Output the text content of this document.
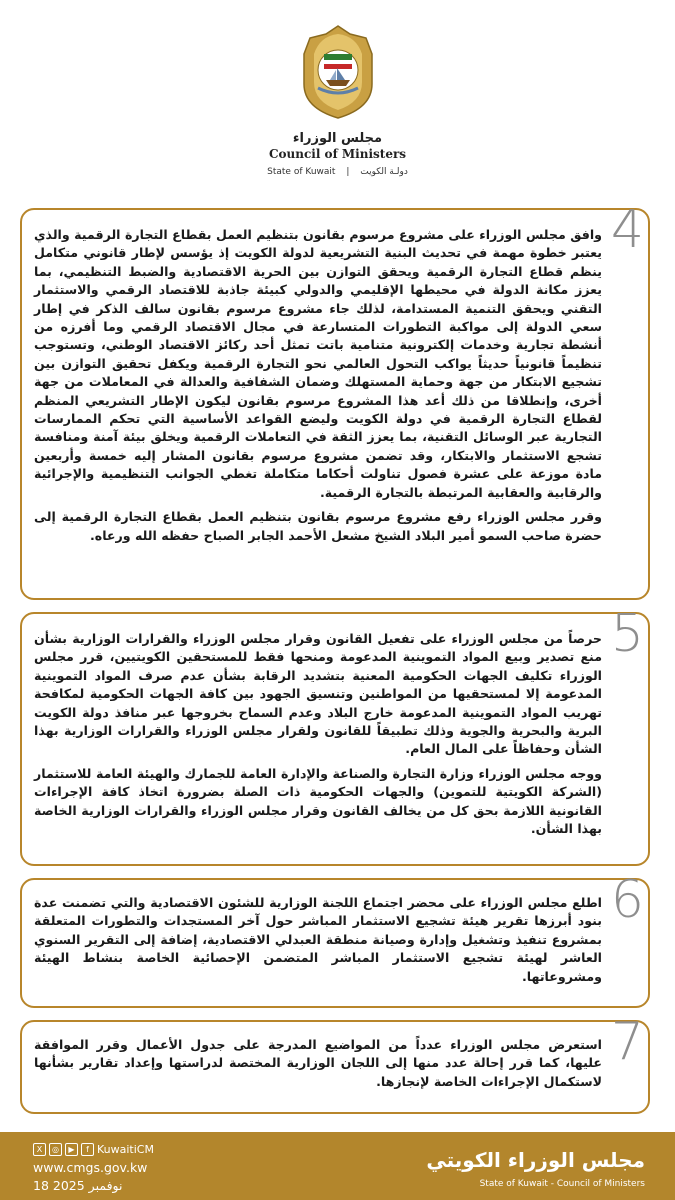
مجلس الوزراء
Council of Ministers
State of Kuwait | دولـة الكويت
4

وافق مجلس الوزراء على مشروع مرسوم بقانون بتنظيم العمل بقطاع التجارة الرقمية والذي يعتبر خطوة مهمة في تحديث البنية التشريعية لدولة الكويت إذ يؤسس لإطار قانوني متكامل ينظم قطاع التجارة الرقمية ويحقق التوازن بين الحرية الاقتصادية والضبط التنظيمي، بما يعزز مكانة الدولة في محيطها الإقليمي والدولي كبيئة جاذبة للاقتصاد الرقمي والاستثمار التقني ويحقق التنمية المستدامة، لذلك جاء مشروع مرسوم بقانون سالف الذكر في إطار سعي الدولة إلى مواكبة التطورات المتسارعة في مجال الاقتصاد الرقمي وما أفرزه من أنشطة تجارية وخدمات إلكترونية متنامية باتت تمثل أحد ركائز الاقتصاد الوطني، وتستوجب تنظيماً قانونياً حديثاً يواكب التحول العالمي نحو التجارة الرقمية ويكفل تحقيق التوازن بين تشجيع الابتكار من جهة وحماية المستهلك وضمان الشفافية والعدالة في المعاملات من جهة أخرى، وإنطلاقا من ذلك أعد هذا المشروع مرسوم بقانون ليكون الإطار التشريعي المنظم لقطاع التجارة الرقمية في دولة الكويت وليضع القواعد الأساسية التي تحكم الممارسات التجارية عبر الوسائل التقنية، بما يعزز الثقة في التعاملات الرقمية ويخلق بيئة آمنة ومنافسة تشجع الاستثمار والابتكار، وقد تضمن مشروع مرسوم بقانون المشار إليه خمسة وأربعين مادة موزعة على عشرة فصول تناولت أحكاما متكاملة تغطي الجوانب التنظيمية والإجرائية والرقابية والعقابية المرتبطة بالتجارة الرقمية.

وقرر مجلس الوزراء رفع مشروع مرسوم بقانون بتنظيم العمل بقطاع التجارة الرقمية إلى حضرة صاحب السمو أمير البلاد الشيخ مشعل الأحمد الجابر الصباح حفظه الله ورعاه.

5

حرصاً من مجلس الوزراء على تفعيل القانون وقرار مجلس الوزراء والقرارات الوزارية بشأن منع تصدير وبيع المواد التموينية المدعومة ومنحها فقط للمستحقين الكويتيين، قرر مجلس الوزراء تكليف الجهات الحكومية المعنية بتشديد الرقابة بشأن عدم صرف المواد التموينية المدعومة إلا لمستحقيها من المواطنين وتنسيق الجهود بين كافة الجهات الحكومية لمكافحة تهريب المواد التموينية المدعومة خارج البلاد وعدم السماح بخروجها عبر منافذ دولة الكويت البرية والبحرية والجوية وذلك تطبيقاً للقانون ولقرار مجلس الوزراء والقرارات الوزارية بهذا الشأن وحفاظاً على المال العام.

ووجه مجلس الوزراء وزارة التجارة والصناعة والإدارة العامة للجمارك والهيئة العامة للاستثمار (الشركة الكويتية للتموين) والجهات الحكومية ذات الصلة بضرورة اتخاذ كافة الإجراءات القانونية اللازمة بحق كل من يخالف القانون وقرار مجلس الوزراء والقرارات الوزارية الخاصة بهذا الشأن.

6

اطلع مجلس الوزراء على محضر اجتماع اللجنة الوزارية للشئون الاقتصادية والتي تضمنت عدة بنود أبرزها تقرير هيئة تشجيع الاستثمار المباشر حول آخر المستجدات والتطورات المتعلقة بمشروع تنفيذ وتشغيل وإدارة وصيانة منطقة العبدلي الاقتصادية، إضافة إلى التقرير السنوي العاشر لهيئة تشجيع الاستثمار المباشر المتضمن الإحصائية الخاصة بنشاط الهيئة ومشروعاتها.

7

استعرض مجلس الوزراء عدداً من المواضيع المدرجة على جدول الأعمال وقرر الموافقة عليها، كما قرر إحالة عدد منها إلى اللجان الوزارية المختصة لدراستها وإعداد تقارير بشأنها لاستكمال الإجراءات الخاصة لإنجازها.

X	◎	▶	f KuwaitiCM
www.cmgs.gov.kw
18 نوفمبر 2025
مجلس الوزراء الكويتي
State of Kuwait - Council of Ministers
